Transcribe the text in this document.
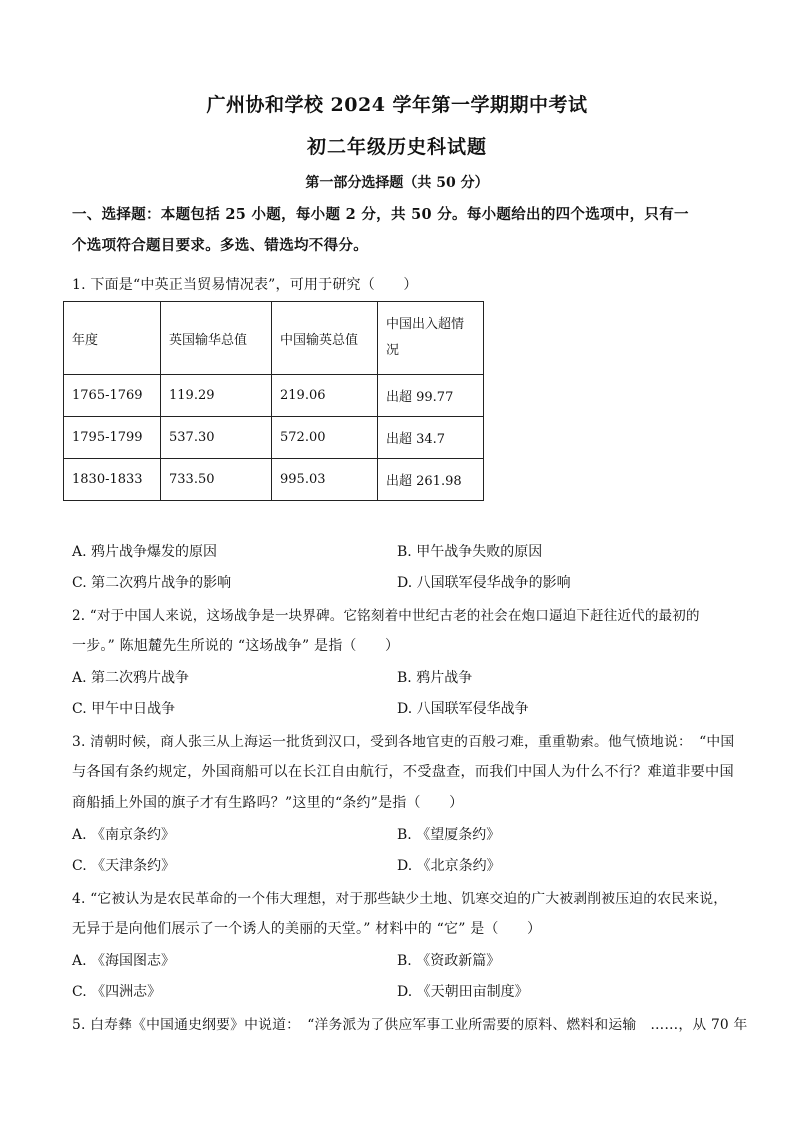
广州协和学校 2024 学年第一学期期中考试
初二年级历史科试题
第一部分选择题（共 50 分）
一、选择题：本题包括 25 小题，每小题 2 分，共 50 分。每小题给出的四个选项中，只有一
个选项符合题目要求。多选、错选均不得分。
1. 下面是“中英正当贸易情况表”，可用于研究（　　）
年度	英国输华总值	中国输英总值	中国出入超情
况
1765-1769	119.29	219.06	出超 99.77
1795-1799	537.30	572.00	出超 34.7
1830-1833	733.50	995.03	出超 261.98
A. 鸦片战争爆发的原因	B. 甲午战争失败的原因
C. 第二次鸦片战争的影响	D. 八国联军侵华战争的影响
2. “对于中国人来说，这场战争是一块界碑。它铭刻着中世纪古老的社会在炮口逼迫下赶往近代的最初的
一步。” 陈旭麓先生所说的 “这场战争” 是指（　　）
A. 第二次鸦片战争	B. 鸦片战争
C. 甲午中日战争	D. 八国联军侵华战争
3. 清朝时候，商人张三从上海运一批货到汉口，受到各地官吏的百般刁难，重重勒索。他气愤地说：　“中国
与各国有条约规定，外国商船可以在长江自由航行，不受盘查，而我们中国人为什么不行？难道非要中国
商船插上外国的旗子才有生路吗？”这里的“条约”是指（　　）
A. 《南京条约》	B. 《望厦条约》
C. 《天津条约》	D. 《北京条约》
4. “它被认为是农民革命的一个伟大理想，对于那些缺少土地、饥寒交迫的广大被剥削被压迫的农民来说，
无异于是向他们展示了一个诱人的美丽的天堂。” 材料中的 “它” 是（　　）
A. 《海国图志》	B. 《资政新篇》
C. 《四洲志》	D. 《天朝田亩制度》
5. 白寿彝《中国通史纲要》中说道：　“洋务派为了供应军事工业所需要的原料、燃料和运输　……，从 70 年
